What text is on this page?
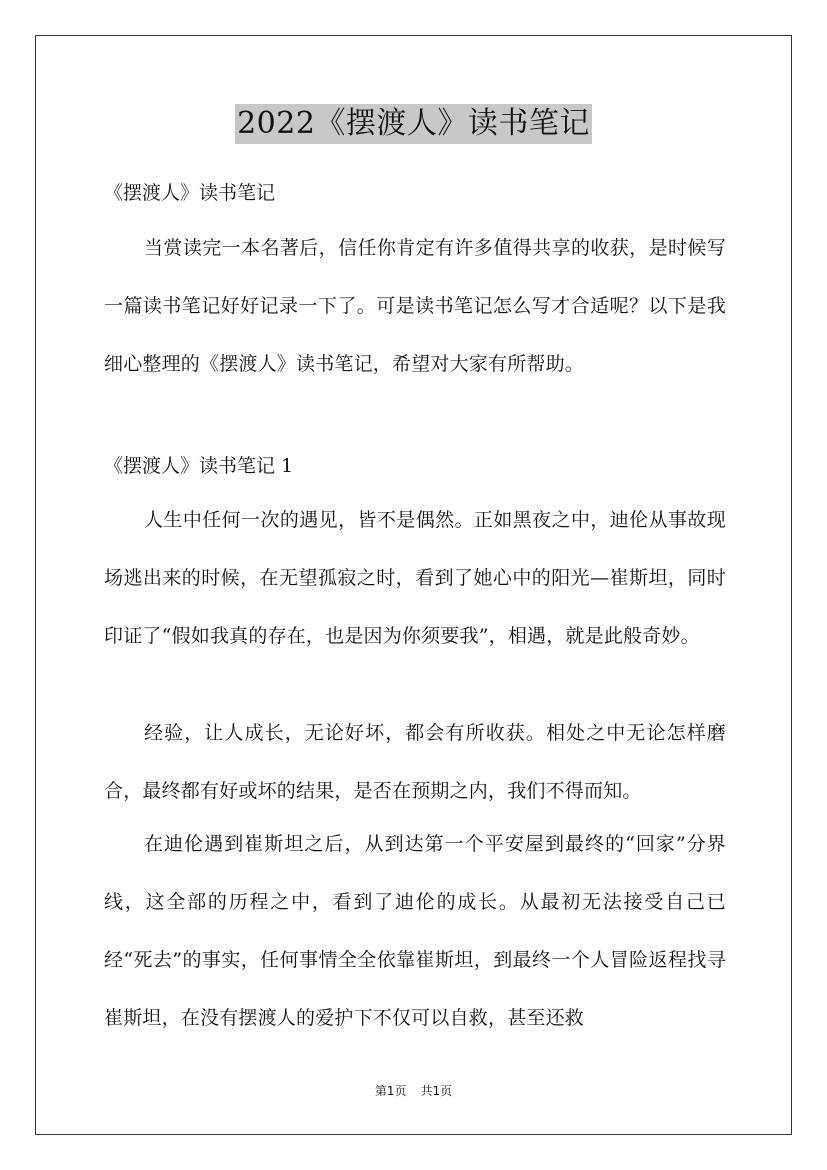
2022《摆渡人》读书笔记
《摆渡人》读书笔记
当赏读完一本名著后，信任你肯定有许多值得共享的收获，是时候写一篇读书笔记好好记录一下了。可是读书笔记怎么写才合适呢？以下是我细心整理的《摆渡人》读书笔记，希望对大家有所帮助。
《摆渡人》读书笔记 1
人生中任何一次的遇见，皆不是偶然。正如黑夜之中，迪伦从事故现场逃出来的时候，在无望孤寂之时，看到了她心中的阳光—崔斯坦，同时印证了“假如我真的存在，也是因为你须要我”，相遇，就是此般奇妙。
经验，让人成长，无论好坏，都会有所收获。相处之中无论怎样磨合，最终都有好或坏的结果，是否在预期之内，我们不得而知。
在迪伦遇到崔斯坦之后，从到达第一个平安屋到最终的“回家”分界线，这全部的历程之中，看到了迪伦的成长。从最初无法接受自己已经“死去”的事实，任何事情全全依靠崔斯坦，到最终一个人冒险返程找寻崔斯坦，在没有摆渡人的爱护下不仅可以自救，甚至还救
第1页 共1页
